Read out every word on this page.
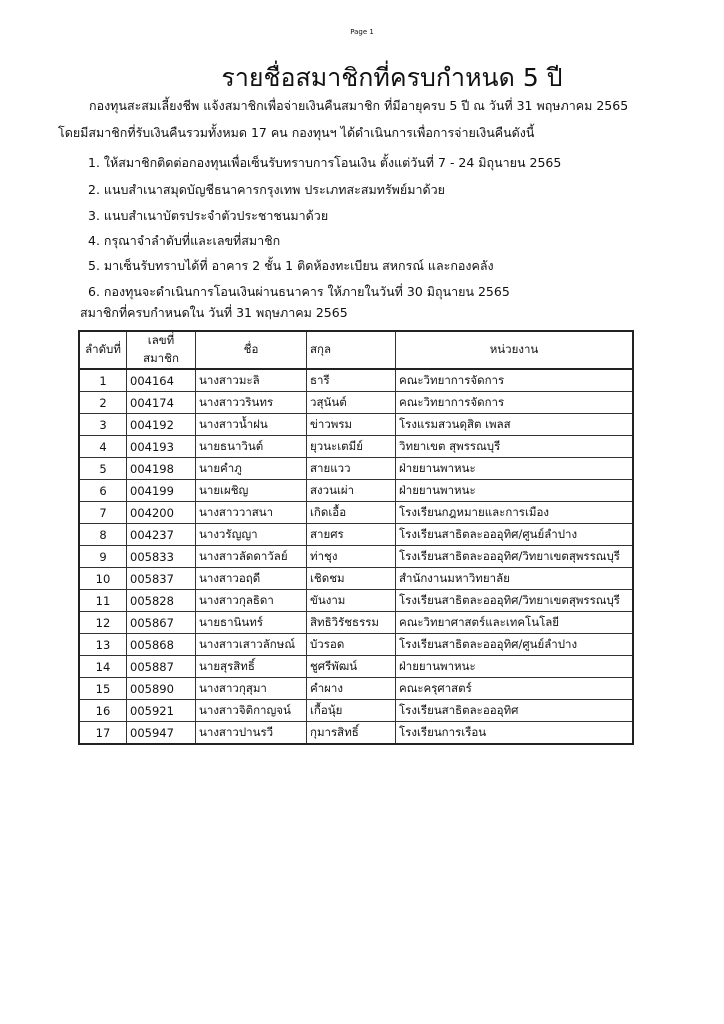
Page 1
รายชื่อสมาชิกที่ครบกำหนด 5 ปี
กองทุนสะสมเลี้ยงชีพ แจ้งสมาชิกเพื่อจ่ายเงินคืนสมาชิก ที่มีอายุครบ 5 ปี ณ วันที่ 31 พฤษภาคม 2565
โดยมีสมาชิกที่รับเงินคืนรวมทั้งหมด 17 คน กองทุนฯ ได้ดำเนินการเพื่อการจ่ายเงินคืนดังนี้
1. ให้สมาชิกติดต่อกองทุนเพื่อเซ็นรับทราบการโอนเงิน ตั้งแต่วันที่ 7 - 24 มิถุนายน 2565
2. แนบสำเนาสมุดบัญชีธนาคารกรุงเทพ ประเภทสะสมทรัพย์มาด้วย
3. แนบสำเนาบัตรประจำตัวประชาชนมาด้วย
4. กรุณาจำลำดับที่และเลขที่สมาชิก
5. มาเซ็นรับทราบได้ที่ อาคาร 2 ชั้น 1 ติดห้องทะเบียน สหกรณ์ และกองคลัง
6. กองทุนจะดำเนินการโอนเงินผ่านธนาคาร ให้ภายในวันที่ 30 มิถุนายน 2565
สมาชิกที่ครบกำหนดใน วันที่ 31 พฤษภาคม 2565
ลำดับที่	เลขที่สมาชิก	ชื่อ	สกุล	หน่วยงาน
1	004164	นางสาวมะลิ	ธารี	คณะวิทยาการจัดการ
2	004174	นางสาววรินทร	วสุนันต์	คณะวิทยาการจัดการ
3	004192	นางสาวน้ำฝน	ข่าวพรม	โรงแรมสวนดุสิต เพลส
4	004193	นายธนาวินต์	ยุวนะเตมีย์	วิทยาเขต สุพรรณบุรี
5	004198	นายคำภู	สายแวว	ฝ่ายยานพาหนะ
6	004199	นายเผชิญ	สงวนเผ่า	ฝ่ายยานพาหนะ
7	004200	นางสาววาสนา	เกิดเอื้อ	โรงเรียนกฎหมายและการเมือง
8	004237	นางวรัญญา	สายศร	โรงเรียนสาธิตละอออุทิศ/ศูนย์ลำปาง
9	005833	นางสาวลัดดาวัลย์	ท่าชุง	โรงเรียนสาธิตละอออุทิศ/วิทยาเขตสุพรรณบุรี
10	005837	นางสาวอฤดี	เชิดชม	สำนักงานมหาวิทยาลัย
11	005828	นางสาวกุลธิดา	ขันงาม	โรงเรียนสาธิตละอออุทิศ/วิทยาเขตสุพรรณบุรี
12	005867	นายธานินทร์	สิทธิวิรัชธรรม	คณะวิทยาศาสตร์และเทคโนโลยี
13	005868	นางสาวเสาวลักษณ์	บัวรอด	โรงเรียนสาธิตละอออุทิศ/ศูนย์ลำปาง
14	005887	นายสุรสิทธิ์	ชูศรีพัฒน์	ฝ่ายยานพาหนะ
15	005890	นางสาวกุสุมา	คำผาง	คณะครุศาสตร์
16	005921	นางสาวจิติกาญจน์	เกื้อนุ้ย	โรงเรียนสาธิตละอออุทิศ
17	005947	นางสาวปานรวี	กุมารสิทธิ์	โรงเรียนการเรือน
